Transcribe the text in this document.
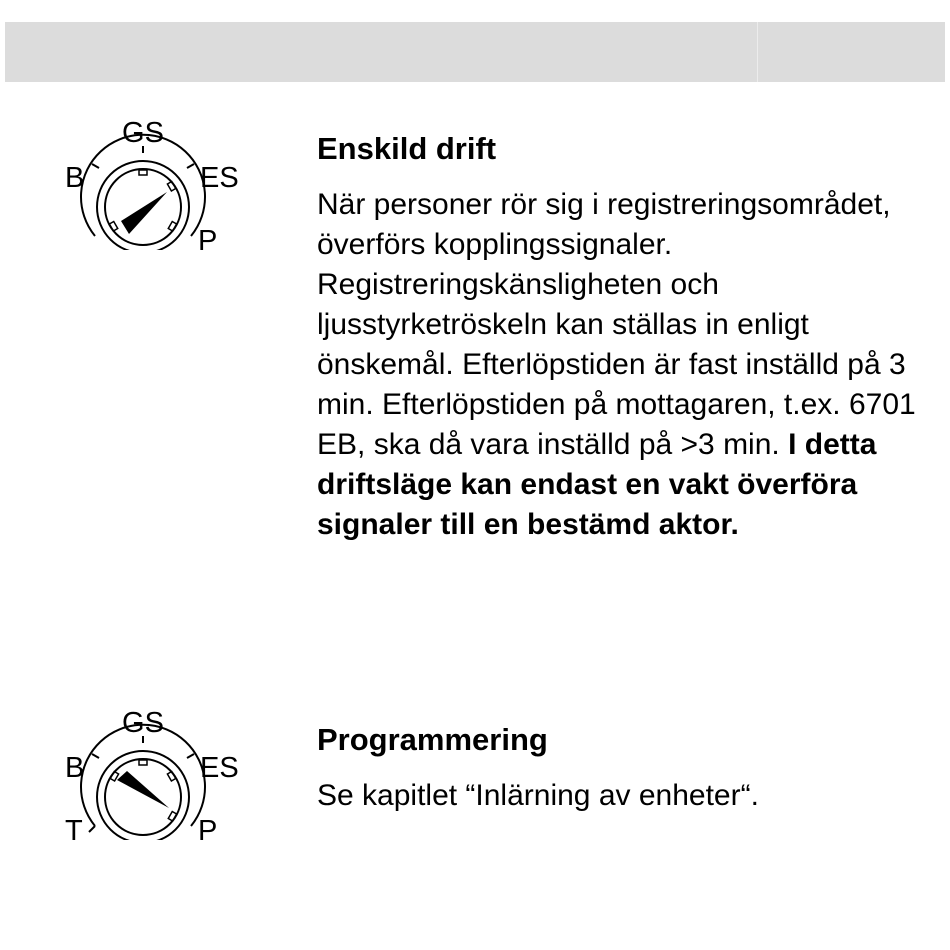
GS
B	ES
P
Enskild drift

När personer rör sig i registreringsområdet, överförs kopplingssignaler. Registreringskänsligheten och ljusstyrketröskeln kan ställas in enligt önskemål. Efterlöpstiden är fast inställd på 3 min. Efterlöpstiden på mottagaren, t.ex. 6701 EB, ska då vara inställd på >3 min. I detta driftsläge kan endast en vakt överföra signaler till en bestämd aktor.

GS
B	ES
T	P
Programmering

Se kapitlet “Inlärning av enheter“.
